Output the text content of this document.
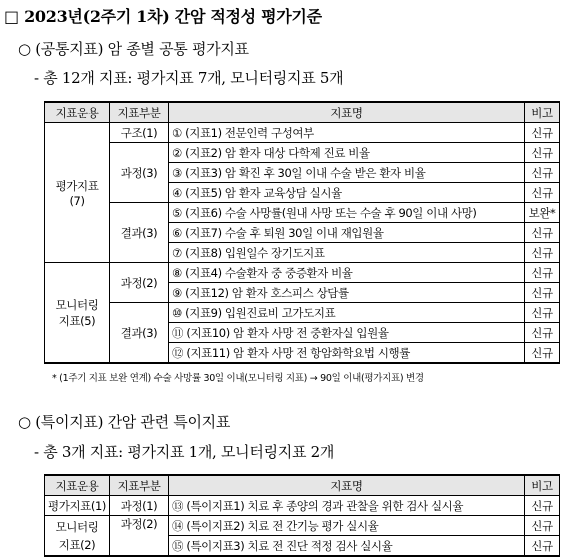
□ 2023년(2주기 1차) 간암 적정성 평가기준
○ (공통지표) 암 종별 공통 평가지표
- 총 12개 지표: 평가지표 7개, 모니터링지표 5개
지표운용	지표부분	지표명	비고
평가지표
(7)	구조(1)	① (지표1) 전문인력 구성여부	신규
	과정(3)	② (지표2) 암 환자 대상 다학제 진료 비율	신규
		③ (지표3) 암 확진 후 30일 이내 수술 받은 환자 비율	신규
		④ (지표5) 암 환자 교육상담 실시율	신규
	결과(3)	⑤ (지표6) 수술 사망률(원내 사망 또는 수술 후 90일 이내 사망)	보완*
		⑥ (지표7) 수술 후 퇴원 30일 이내 재입원율	신규
		⑦ (지표8) 입원일수 장기도지표	신규
모니터링
지표(5)	과정(2)	⑧ (지표4) 수술환자 중 중증환자 비율	신규
		⑨ (지표12) 암 환자 호스피스 상담률	신규
	결과(3)	⑩ (지표9) 입원진료비 고가도지표	신규
		⑪ (지표10) 암 환자 사망 전 중환자실 입원율	신규
		⑫ (지표11) 암 환자 사망 전 항암화학요법 시행률	신규
* (1주기 지표 보완 연계) 수술 사망률 30일 이내(모니터링 지표) → 90일 이내(평가지표) 변경
○ (특이지표) 간암 관련 특이지표
- 총 3개 지표: 평가지표 1개, 모니터링지표 2개
지표운용	지표부분	지표명	비고
평가지표(1)	과정(1)	⑬ (특이지표1) 치료 후 종양의 경과 관찰을 위한 검사 실시율	신규
모니터링
지표(2)	과정(2)	⑭ (특이지표2) 치료 전 간기능 평가 실시율	신규
		⑮ (특이지표3) 치료 전 진단 적정 검사 실시율	신규
